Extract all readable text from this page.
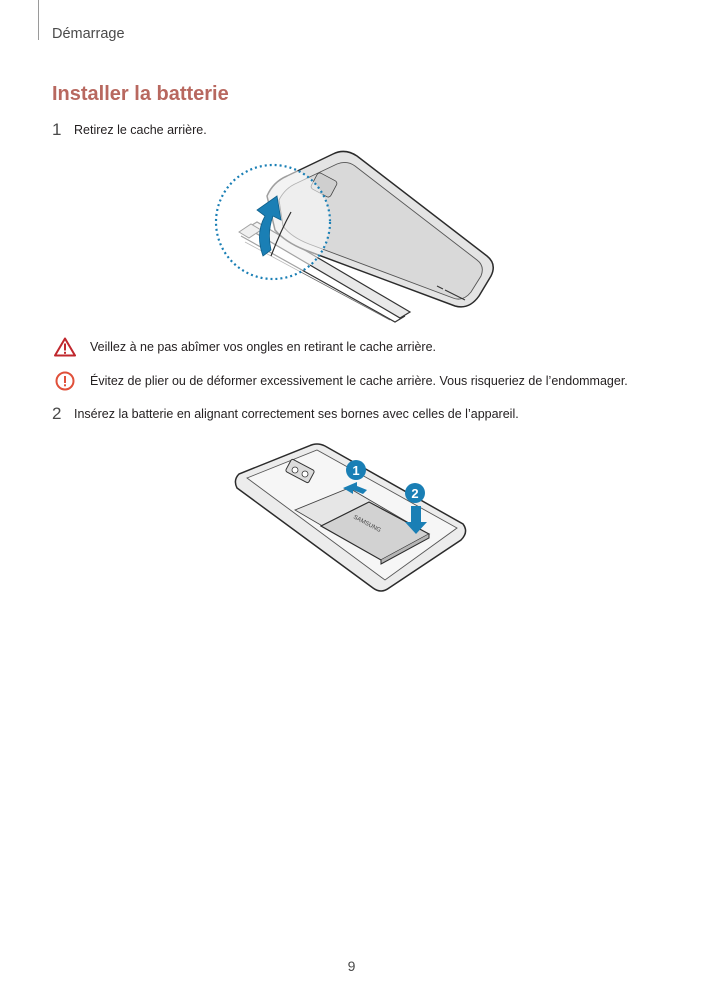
Démarrage
Installer la batterie
1 Retirez le cache arrière.
Veillez à ne pas abîmer vos ongles en retirant le cache arrière.
Évitez de plier ou de déformer excessivement le cache arrière. Vous risqueriez de l’endommager.
2 Insérez la batterie en alignant correctement ses bornes avec celles de l’appareil.
SAMSUNG
1
2
9
